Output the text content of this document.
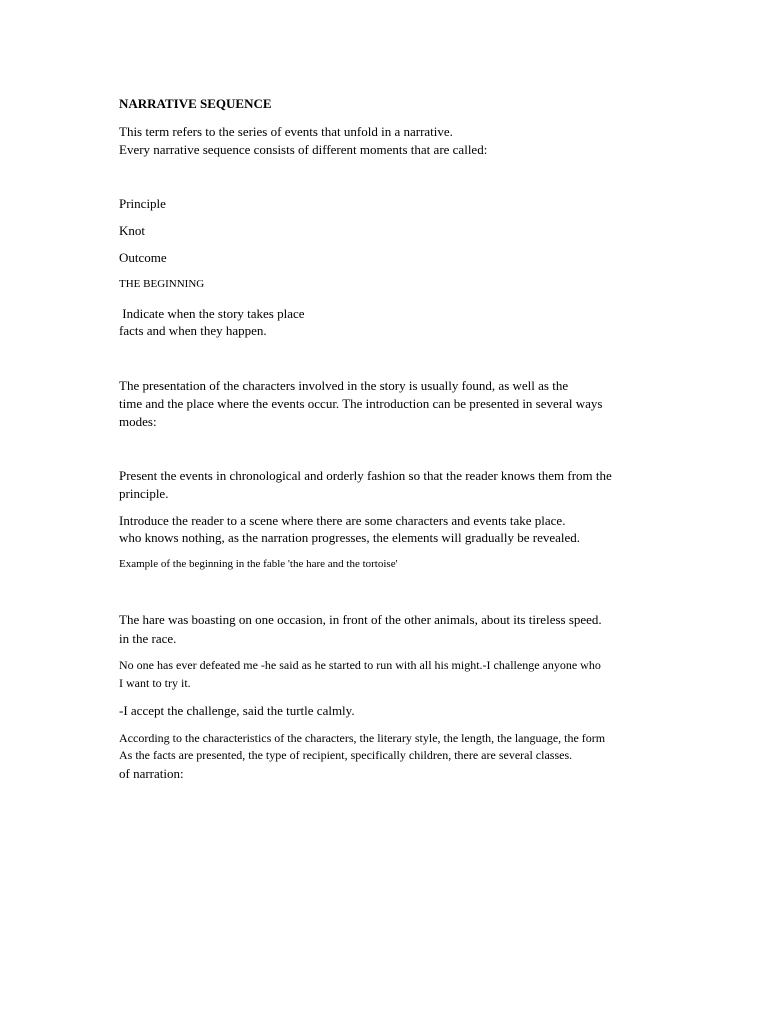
NARRATIVE SEQUENCE
This term refers to the series of events that unfold in a narrative.
Every narrative sequence consists of different moments that are called:
Principle
Knot
Outcome
THE BEGINNING
Indicate when the story takes place
facts and when they happen.
The presentation of the characters involved in the story is usually found, as well as the
time and the place where the events occur. The introduction can be presented in several ways
modes:
Present the events in chronological and orderly fashion so that the reader knows them from the
principle.
Introduce the reader to a scene where there are some characters and events take place.
who knows nothing, as the narration progresses, the elements will gradually be revealed.
Example of the beginning in the fable 'the hare and the tortoise'
The hare was boasting on one occasion, in front of the other animals, about its tireless speed.
in the race.
No one has ever defeated me -he said as he started to run with all his might.-I challenge anyone who
I want to try it.
-I accept the challenge, said the turtle calmly.
According to the characteristics of the characters, the literary style, the length, the language, the form
As the facts are presented, the type of recipient, specifically children, there are several classes.
of narration:
